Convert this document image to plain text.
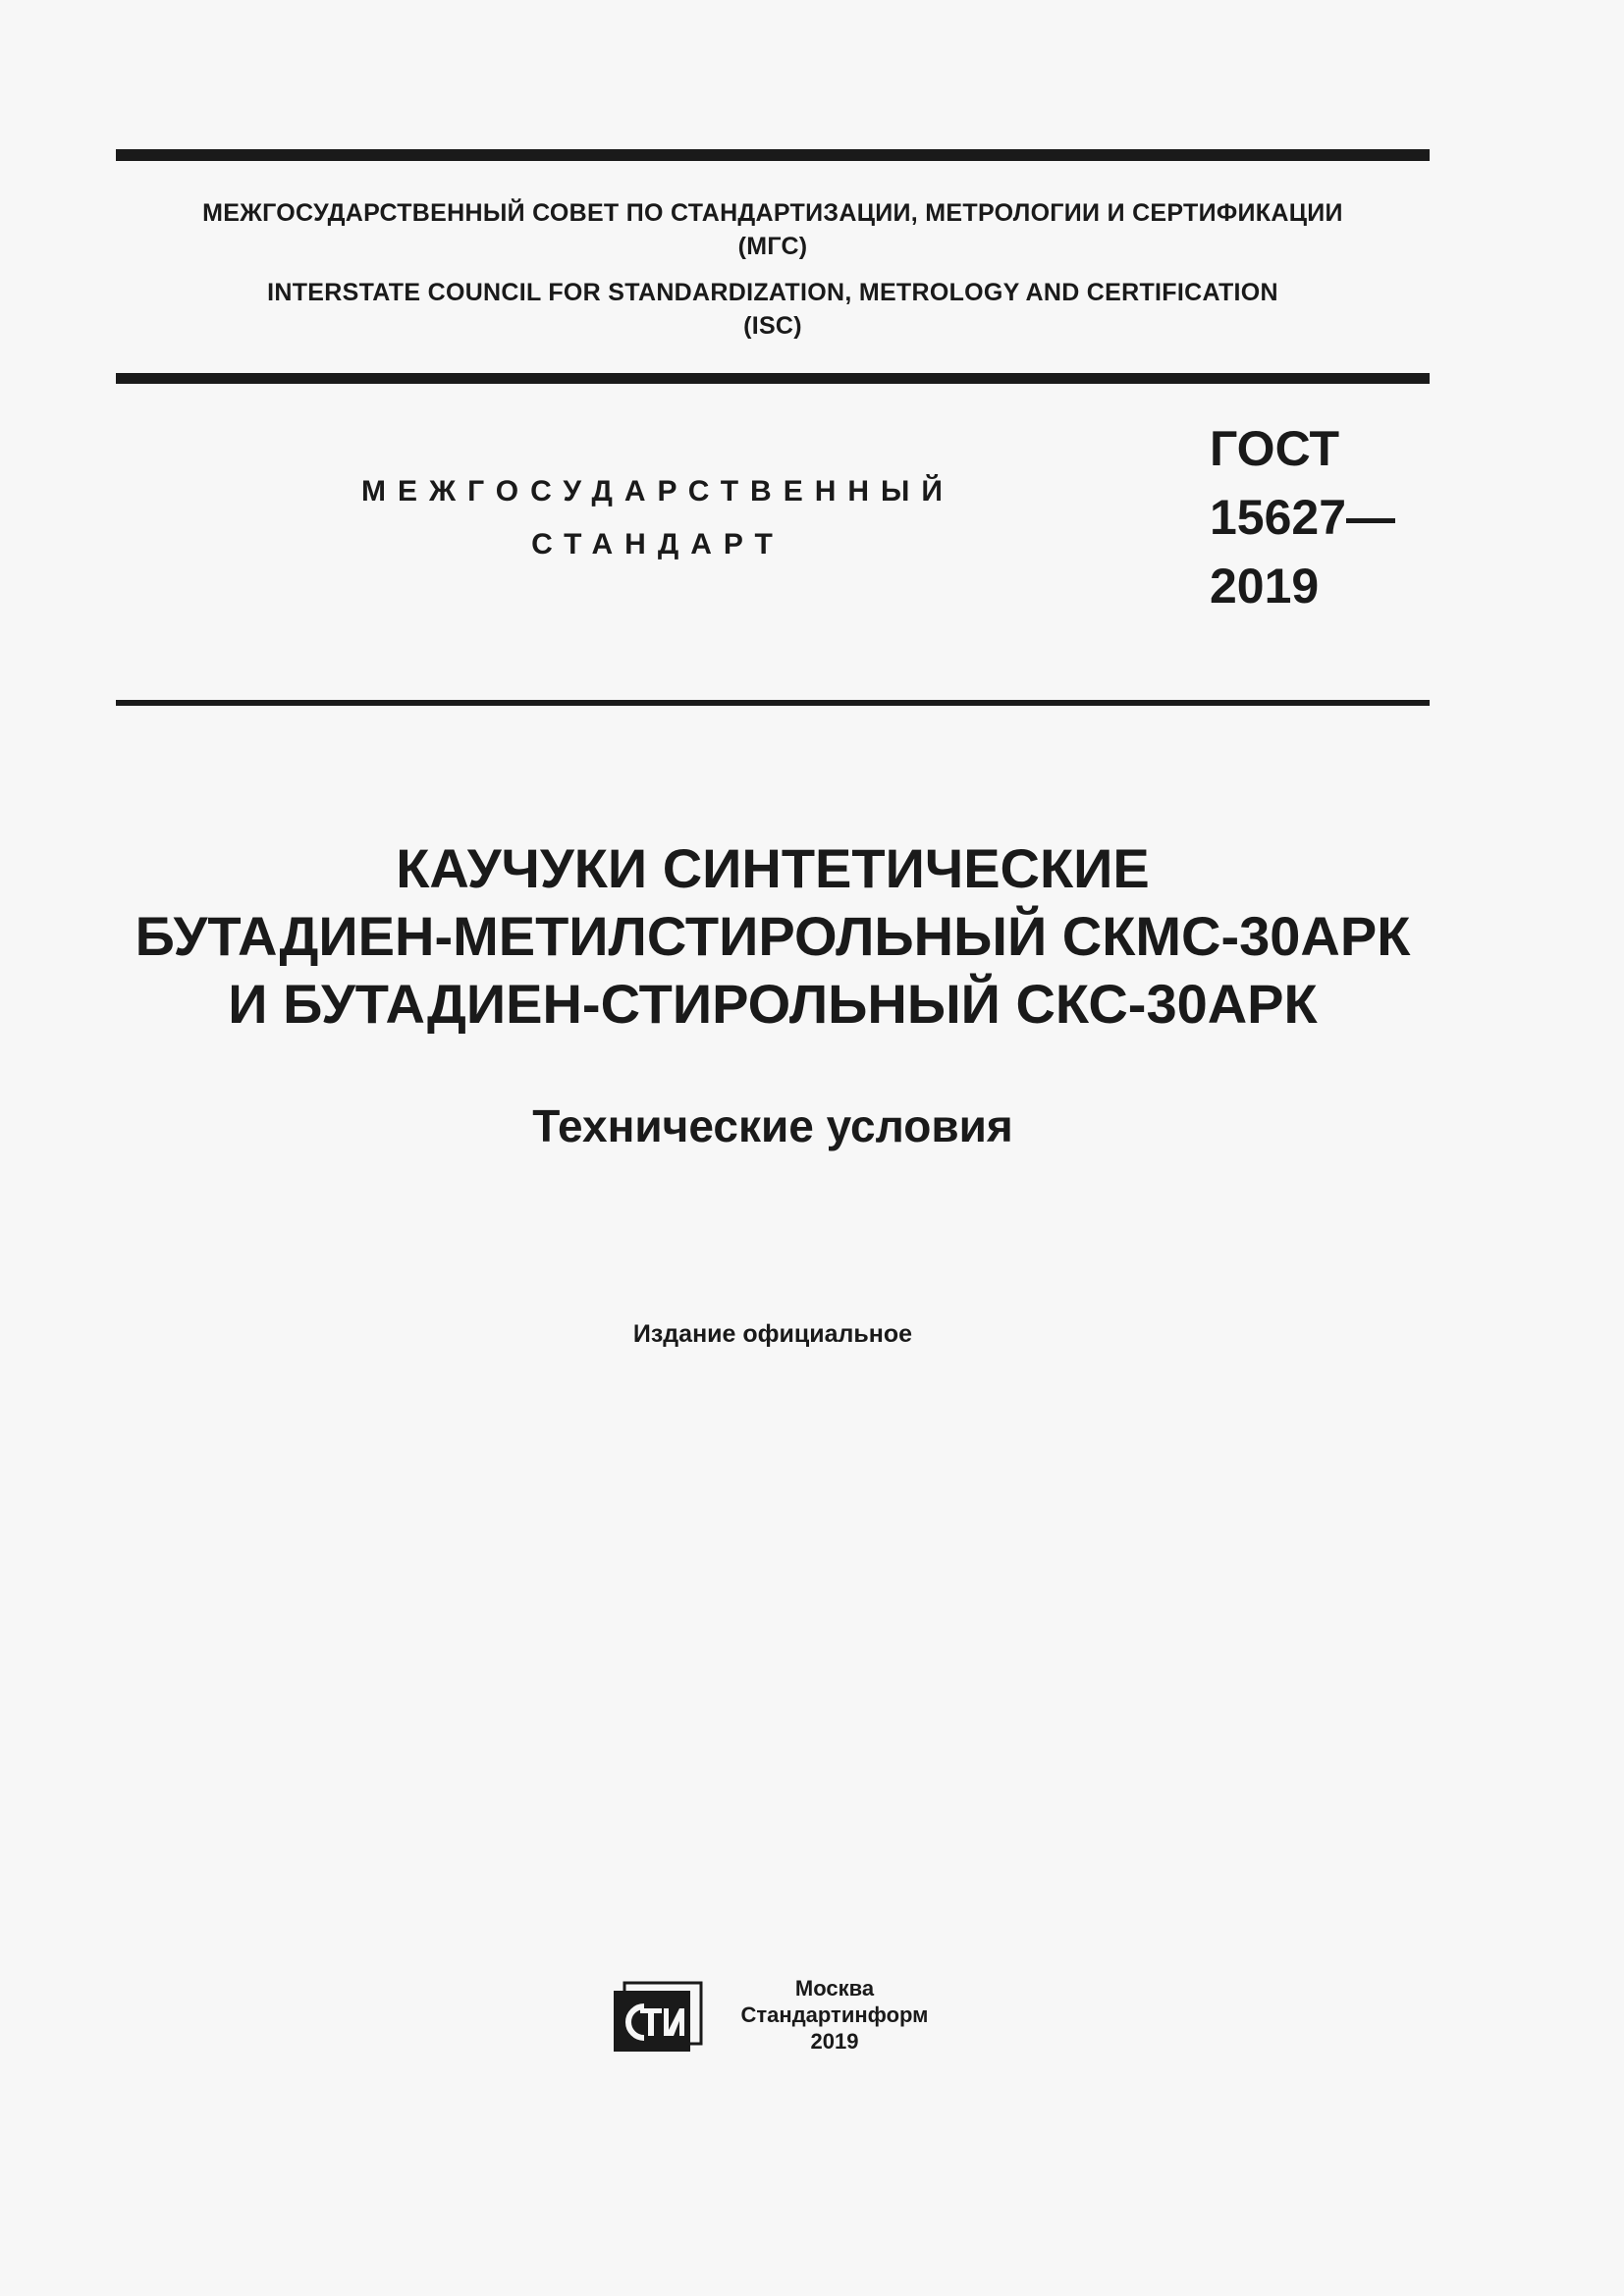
МЕЖГОСУДАРСТВЕННЫЙ СОВЕТ ПО СТАНДАРТИЗАЦИИ, МЕТРОЛОГИИ И СЕРТИФИКАЦИИ
(МГС)
INTERSTATE COUNCIL FOR STANDARDIZATION, METROLOGY AND CERTIFICATION
(ISC)
МЕЖГОСУДАРСТВЕННЫЙ
СТАНДАРТ
ГОСТ
15627—
2019
КАУЧУКИ СИНТЕТИЧЕСКИЕ
БУТАДИЕН-МЕТИЛСТИРОЛЬНЫЙ СКМС-30АРК
И БУТАДИЕН-СТИРОЛЬНЫЙ СКС-30АРК
Технические условия
Издание официальное
Москва
Стандартинформ
2019
